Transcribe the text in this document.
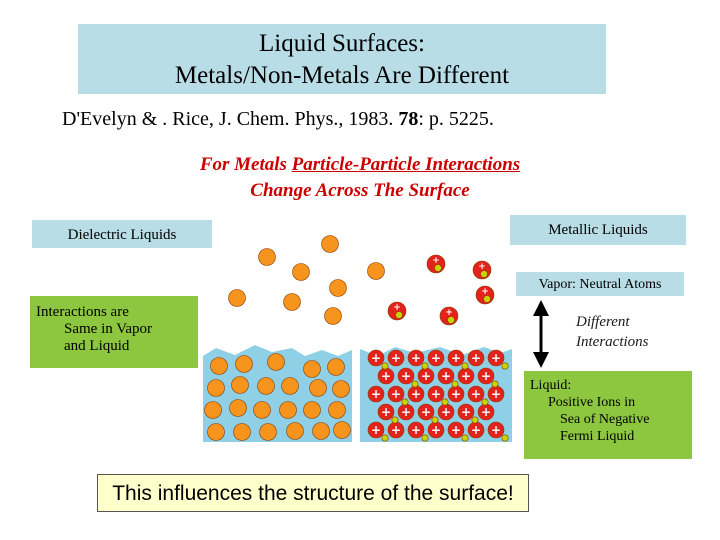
Liquid Surfaces:
Metals/Non-Metals Are Different
D'Evelyn & . Rice, J. Chem. Phys., 1983. 78: p. 5225.
For Metals Particle-Particle Interactions
Change Across The Surface
+
+
+
+	+
+ + + + + + +
+ + + + + +
+ + + + + + +
+ + + + + +
+ + + + + + +
Dielectric Liquids	Metallic Liquids
Vapor: Neutral Atoms
Interactions are
Same in Vapor
and Liquid
Different
Interactions
Liquid:
Positive Ions in
Sea of Negative
Fermi Liquid
This influences the structure of the surface!
